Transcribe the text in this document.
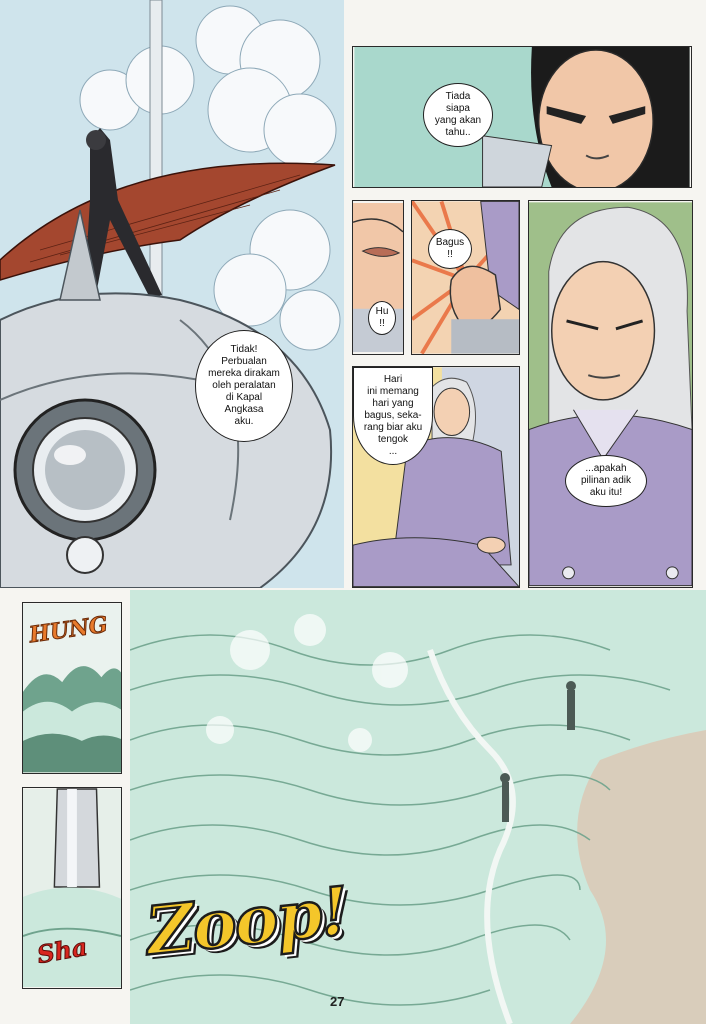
Tidak!
Perbualan
mereka dirakam
oleh peralatan
di Kapal
Angkasa
aku.
Tiada
siapa
yang akan
tahu..
Hu
!!
Bagus
!!
...apakah
pilinan adik
aku itu!
Hari
ini memang
hari yang
bagus, seka-
rang biar aku
tengok
...
HUNG
Sha Zoop!
27
